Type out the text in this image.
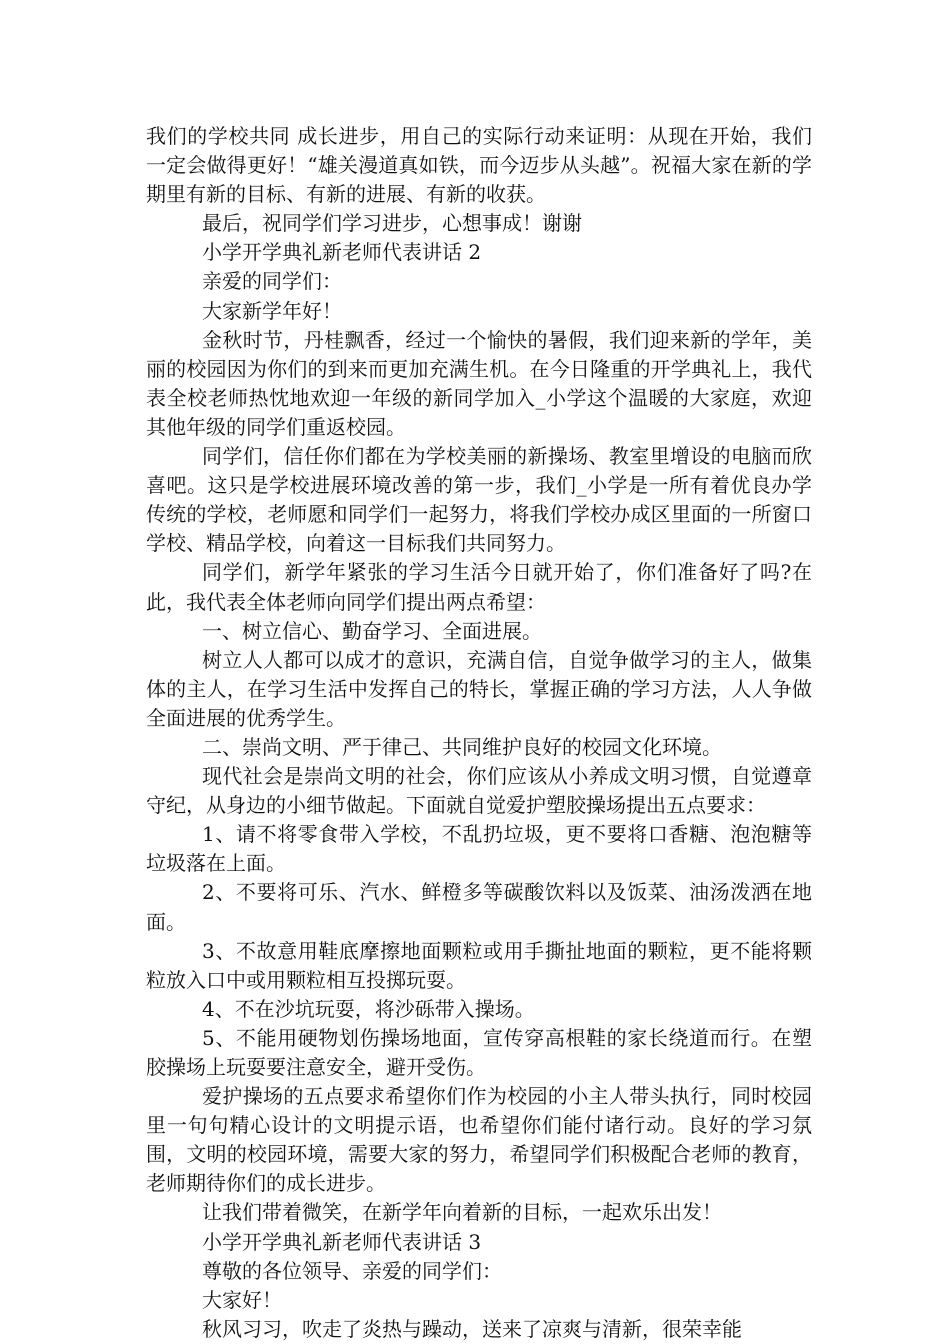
我们的学校共同 成长进步，用自己的实际行动来证明：从现在开始，我们一定会做得更好！“雄关漫道真如铁，而今迈步从头越”。祝福大家在新的学期里有新的目标、有新的进展、有新的收获。

最后，祝同学们学习进步，心想事成！谢谢

小学开学典礼新老师代表讲话 2

亲爱的同学们：

大家新学年好！

金秋时节，丹桂飘香，经过一个愉快的暑假，我们迎来新的学年，美丽的校园因为你们的到来而更加充满生机。在今日隆重的开学典礼上，我代表全校老师热忱地欢迎一年级的新同学加入_小学这个温暖的大家庭，欢迎其他年级的同学们重返校园。

同学们，信任你们都在为学校美丽的新操场、教室里增设的电脑而欣喜吧。这只是学校进展环境改善的第一步，我们_小学是一所有着优良办学传统的学校，老师愿和同学们一起努力，将我们学校办成区里面的一所窗口学校、精品学校，向着这一目标我们共同努力。

同学们，新学年紧张的学习生活今日就开始了，你们准备好了吗?在此，我代表全体老师向同学们提出两点希望：

一、树立信心、勤奋学习、全面进展。

树立人人都可以成才的意识，充满自信，自觉争做学习的主人，做集体的主人，在学习生活中发挥自己的特长，掌握正确的学习方法，人人争做全面进展的优秀学生。

二、崇尚文明、严于律己、共同维护良好的校园文化环境。

现代社会是崇尚文明的社会，你们应该从小养成文明习惯，自觉遵章守纪，从身边的小细节做起。下面就自觉爱护塑胶操场提出五点要求：

1、请不将零食带入学校，不乱扔垃圾，更不要将口香糖、泡泡糖等垃圾落在上面。

2、不要将可乐、汽水、鲜橙多等碳酸饮料以及饭菜、油汤泼洒在地面。

3、不故意用鞋底摩擦地面颗粒或用手撕扯地面的颗粒，更不能将颗粒放入口中或用颗粒相互投掷玩耍。

4、不在沙坑玩耍，将沙砾带入操场。

5、不能用硬物划伤操场地面，宣传穿高根鞋的家长绕道而行。在塑胶操场上玩耍要注意安全，避开受伤。

爱护操场的五点要求希望你们作为校园的小主人带头执行，同时校园里一句句精心设计的文明提示语，也希望你们能付诸行动。良好的学习氛围，文明的校园环境，需要大家的努力，希望同学们积极配合老师的教育，老师期待你们的成长进步。

让我们带着微笑，在新学年向着新的目标，一起欢乐出发！

小学开学典礼新老师代表讲话 3

尊敬的各位领导、亲爱的同学们：

大家好！

秋风习习，吹走了炎热与躁动，送来了凉爽与清新，很荣幸能
